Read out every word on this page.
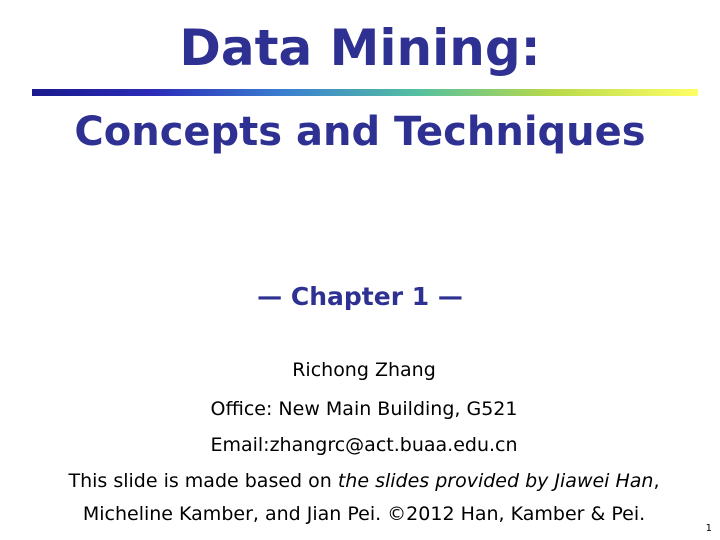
Data Mining:
Concepts and Techniques
— Chapter 1 —
Richong Zhang
Office: New Main Building, G521
Email:zhangrc@act.buaa.edu.cn
This slide is made based on the slides provided by Jiawei Han,
Micheline Kamber, and Jian Pei. ©2012 Han, Kamber & Pei.
1
